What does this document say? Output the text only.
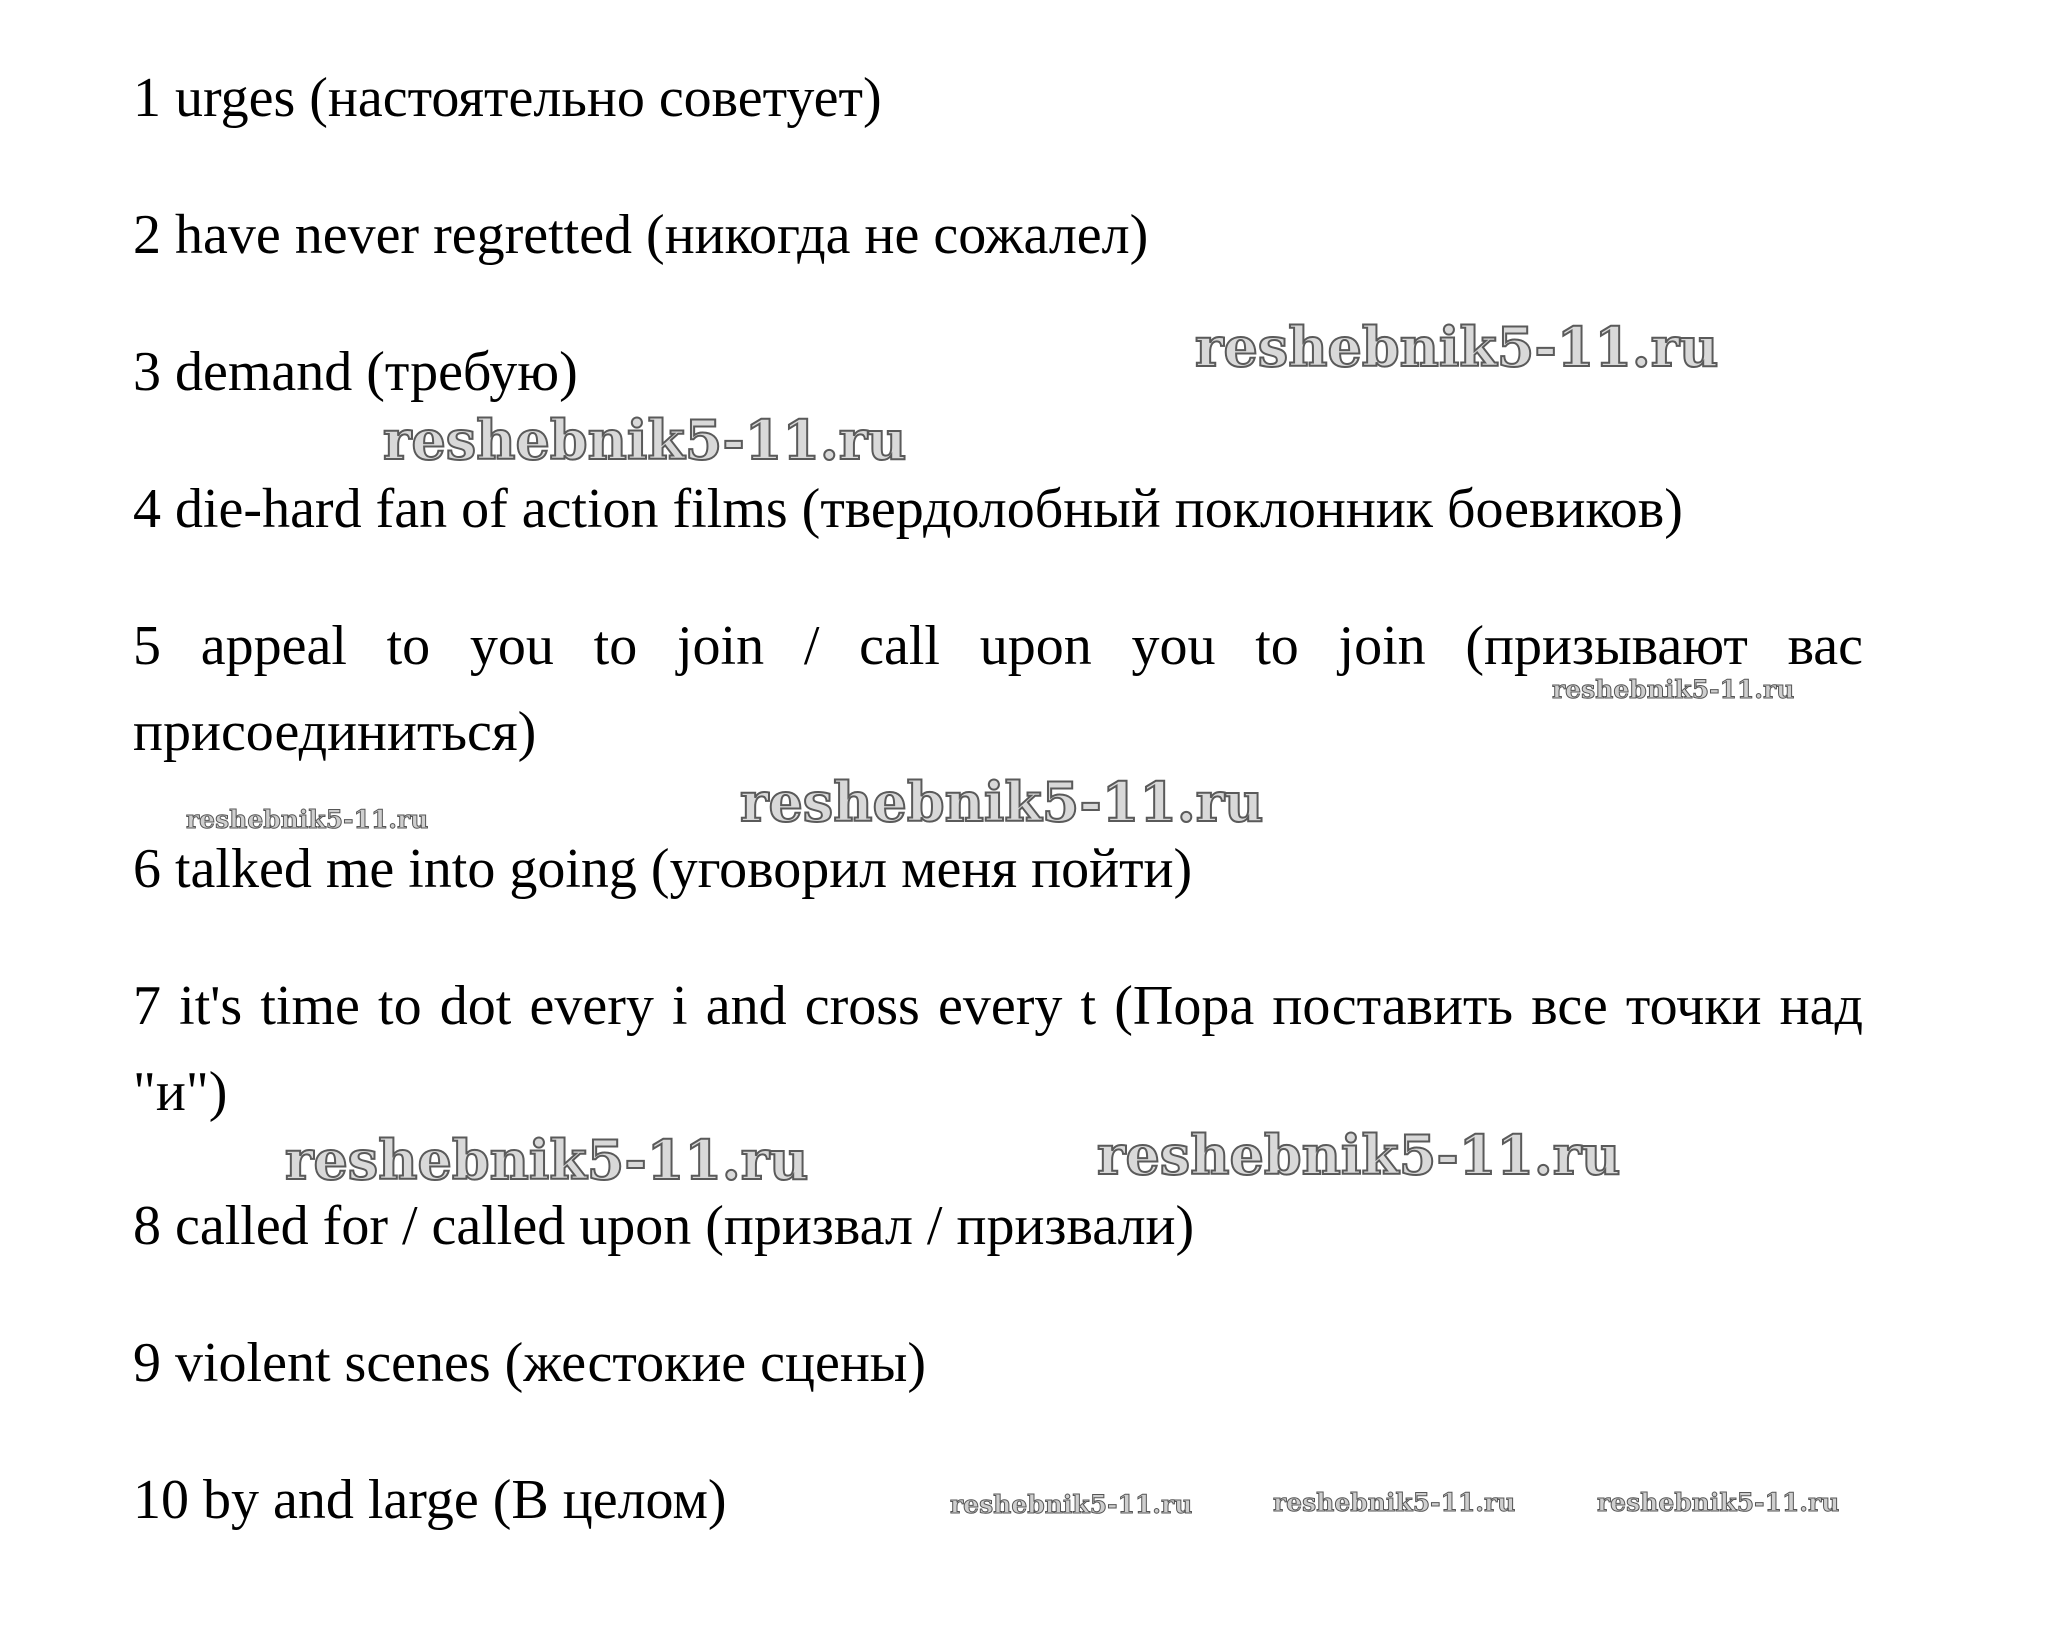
1 urges (настоятельно советует)
2 have never regretted (никогда не сожалел)
3 demand (требую)
4 die-hard fan of action films (твердолобный поклонник боевиков)
5 appeal to you to join / call upon you to join (призывают вас присоединиться)
6 talked me into going (уговорил меня пойти)
7 it's time to dot every i and cross every t (Пора поставить все точки над "и")
8 called for / called upon (призвал / призвали)
9 violent scenes (жестокие сцены)
10 by and large (В целом)
reshebnik5-11.ru
reshebnik5-11.ru
reshebnik5-11.ru
reshebnik5-11.ru	reshebnik5-11.ru
reshebnik5-11.ru	reshebnik5-11.ru
reshebnik5-11.ru	reshebnik5-11.ru	reshebnik5-11.ru
